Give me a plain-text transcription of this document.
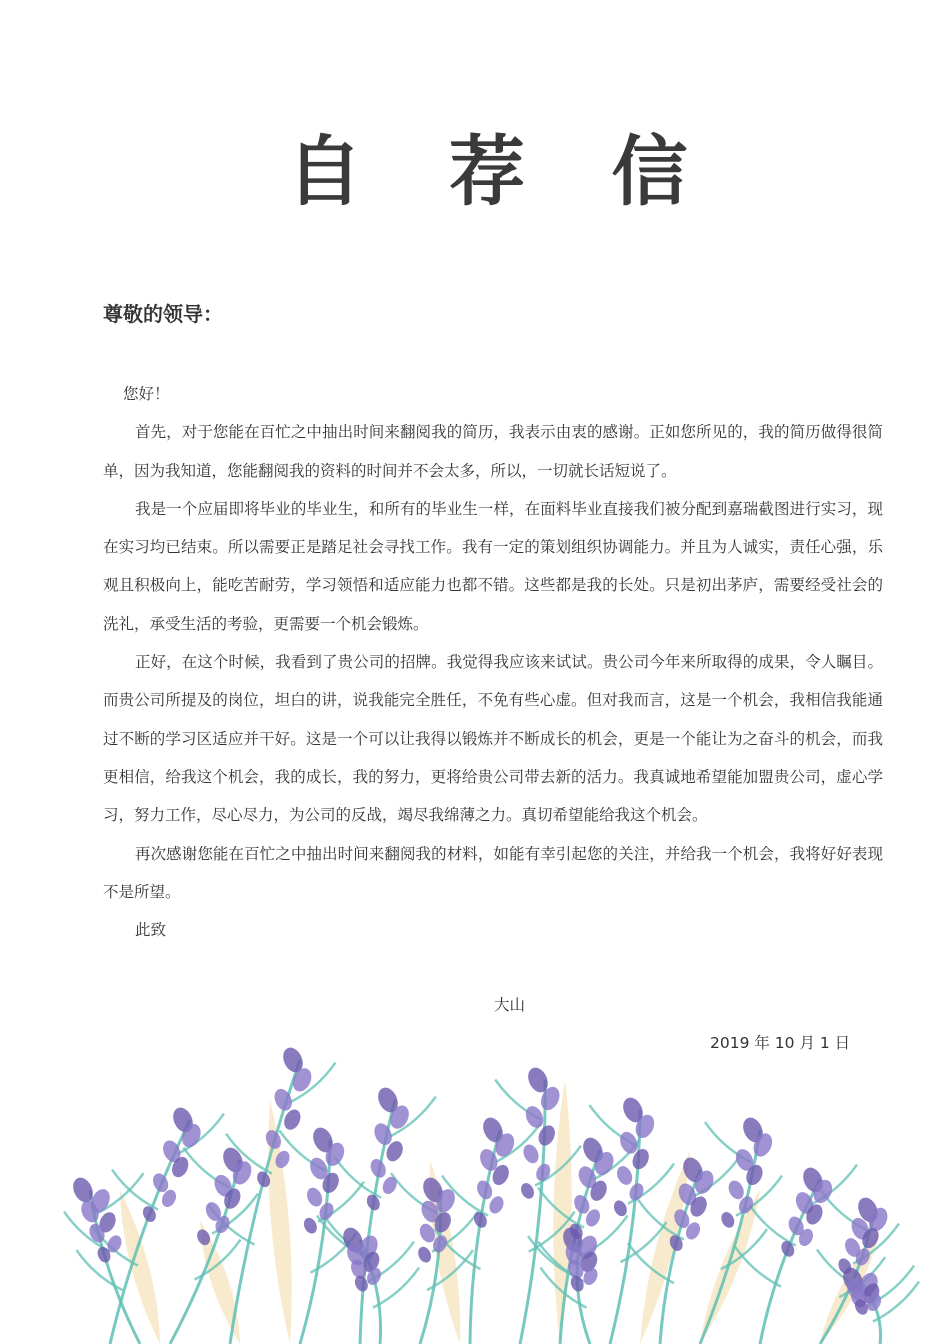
自 荐 信
尊敬的领导：

您好！

首先，对于您能在百忙之中抽出时间来翻阅我的简历，我表示由衷的感谢。正如您所见的，我的简历做得很简单，因为我知道，您能翻阅我的资料的时间并不会太多，所以，一切就长话短说了。

我是一个应届即将毕业的毕业生，和所有的毕业生一样，在面料毕业直接我们被分配到嘉瑞截图进行实习，现在实习均已结束。所以需要正是踏足社会寻找工作。我有一定的策划组织协调能力。并且为人诚实，责任心强，乐观且积极向上，能吃苦耐劳，学习领悟和适应能力也都不错。这些都是我的长处。只是初出茅庐，需要经受社会的洗礼，承受生活的考验，更需要一个机会锻炼。

正好，在这个时候，我看到了贵公司的招牌。我觉得我应该来试试。贵公司今年来所取得的成果，令人瞩目。而贵公司所提及的岗位，坦白的讲，说我能完全胜任，不免有些心虚。但对我而言，这是一个机会，我相信我能通过不断的学习区适应并干好。这是一个可以让我得以锻炼并不断成长的机会，更是一个能让为之奋斗的机会，而我更相信，给我这个机会，我的成长，我的努力，更将给贵公司带去新的活力。我真诚地希望能加盟贵公司，虚心学习，努力工作，尽心尽力，为公司的反战，竭尽我绵薄之力。真切希望能给我这个机会。

再次感谢您能在百忙之中抽出时间来翻阅我的材料，如能有幸引起您的关注，并给我一个机会，我将好好表现不是所望。

此致

大山
2019 年 10 月 1 日
